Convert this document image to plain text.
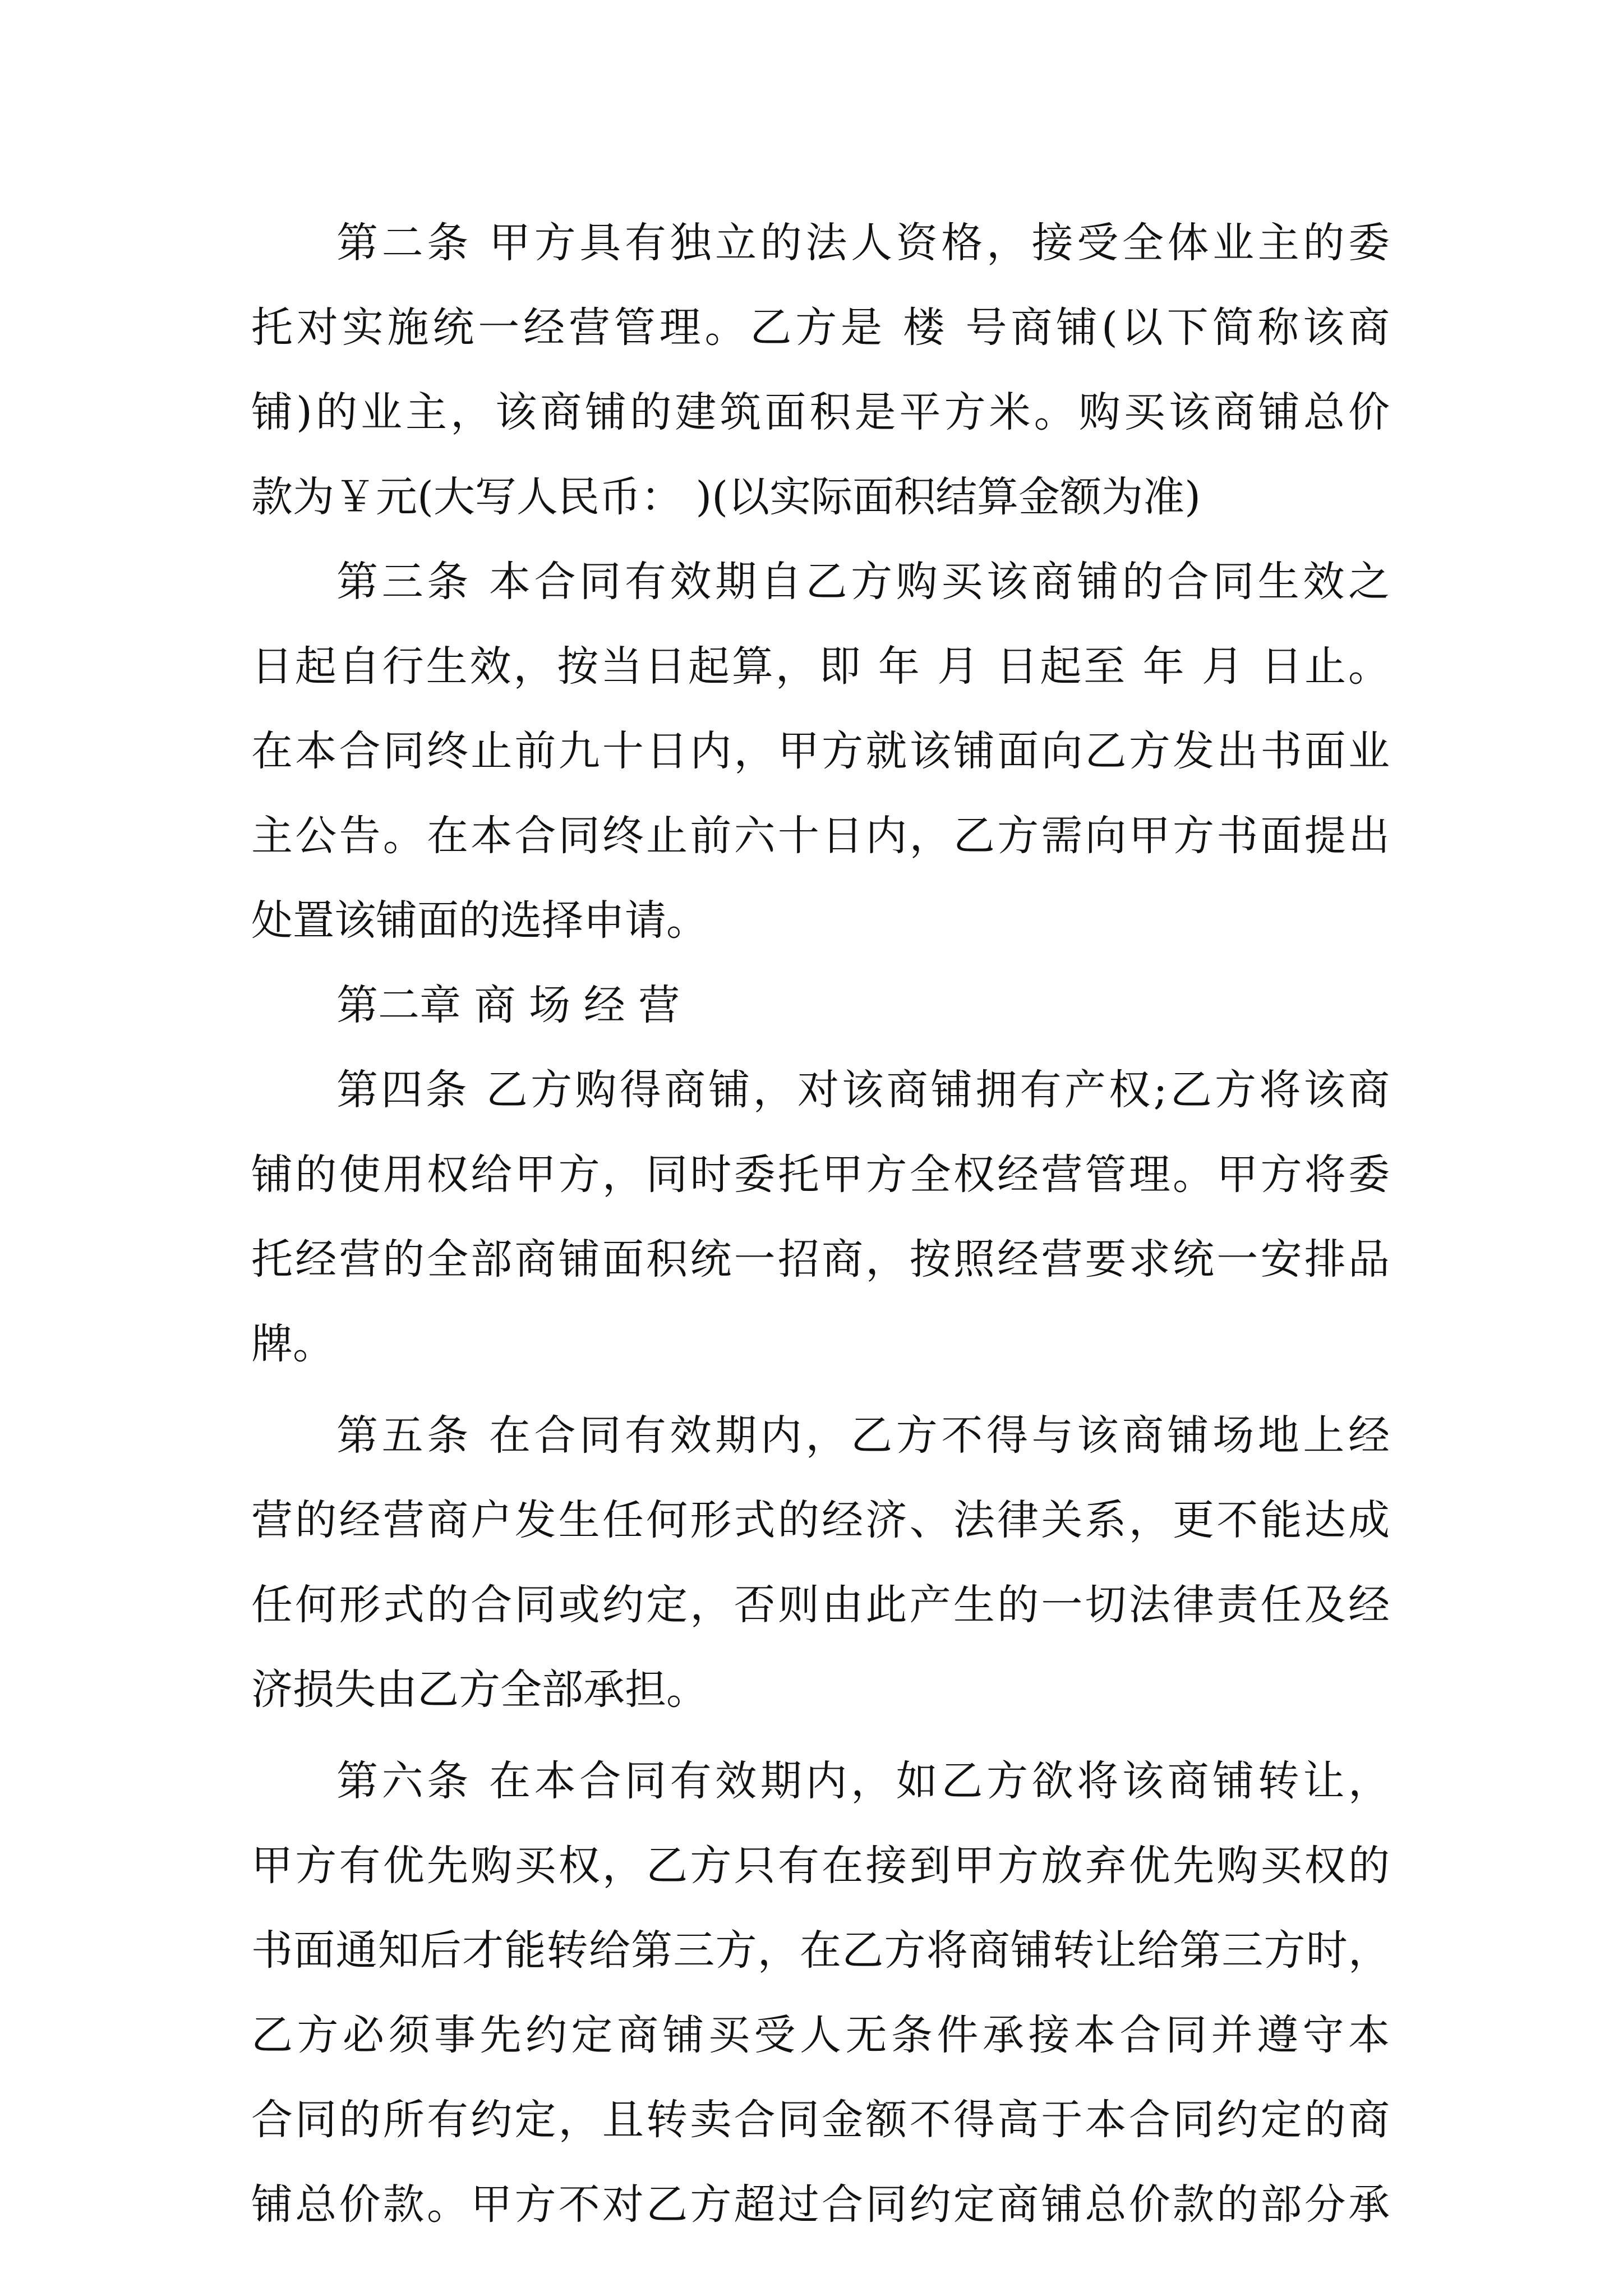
第二条 甲方具有独立的法人资格，接受全体业主的委
托对实施统一经营管理。乙方是 楼 号商铺(以下简称该商
铺)的业主，该商铺的建筑面积是平方米。购买该商铺总价
款为￥元(大写人民币： )(以实际面积结算金额为准)
第三条 本合同有效期自乙方购买该商铺的合同生效之
日起自行生效，按当日起算，即 年 月 日起至 年 月 日止。
在本合同终止前九十日内，甲方就该铺面向乙方发出书面业
主公告。在本合同终止前六十日内，乙方需向甲方书面提出
处置该铺面的选择申请。
第二章 商 场 经 营
第四条 乙方购得商铺，对该商铺拥有产权;乙方将该商
铺的使用权给甲方，同时委托甲方全权经营管理。甲方将委
托经营的全部商铺面积统一招商，按照经营要求统一安排品
牌。
第五条 在合同有效期内，乙方不得与该商铺场地上经
营的经营商户发生任何形式的经济、法律关系，更不能达成
任何形式的合同或约定，否则由此产生的一切法律责任及经
济损失由乙方全部承担。
第六条 在本合同有效期内，如乙方欲将该商铺转让，
甲方有优先购买权，乙方只有在接到甲方放弃优先购买权的
书面通知后才能转给第三方，在乙方将商铺转让给第三方时，
乙方必须事先约定商铺买受人无条件承接本合同并遵守本
合同的所有约定，且转卖合同金额不得高于本合同约定的商
铺总价款。甲方不对乙方超过合同约定商铺总价款的部分承
